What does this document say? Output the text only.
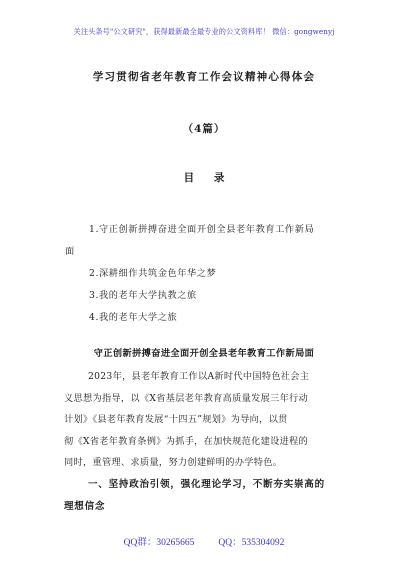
关注头条号"公文研究"，获得最新最全最专业的公文资料库！ 微信：gongwenyj
学习贯彻省老年教育工作会议精神心得体会
（4篇）
目 录
1.守正创新拼搏奋进全面开创全县老年教育工作新局
面
2.深耕细作共筑金色年华之梦
3.我的老年大学执教之旅
4.我的老年大学之旅
守正创新拼搏奋进全面开创全县老年教育工作新局面
2023年，县老年教育工作以A新时代中国特色社会主
义思想为指导，以《X省基层老年教育高质量发展三年行动
计划》《县老年教育发展“十四五”规划》为导向，以贯
彻《X省老年教育条例》为抓手，在加快规范化建设进程的
同时，重管理、求质量，努力创建鲜明的办学特色。
一、坚持政治引领，强化理论学习，不断夯实崇高的
理想信念
QQ群：30265665	QQ：535304092
